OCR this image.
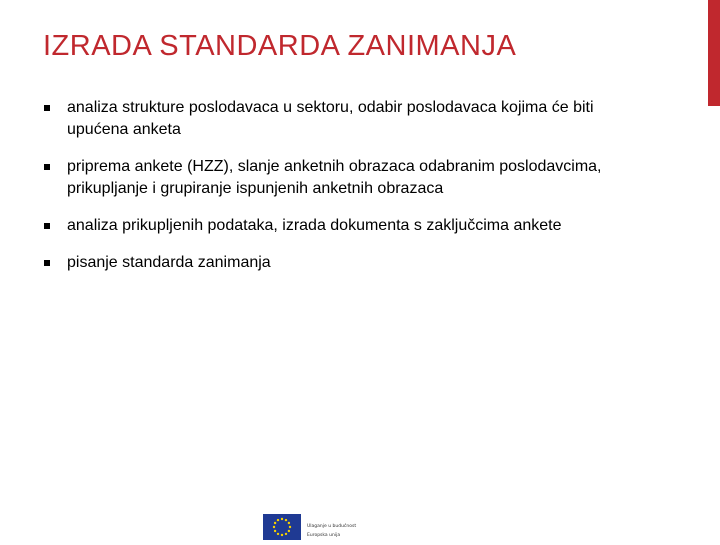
IZRADA STANDARDA ZANIMANJA
analiza strukture poslodavaca u sektoru, odabir poslodavaca kojima će biti upućena anketa
priprema ankete (HZZ), slanje anketnih obrazaca odabranim poslodavcima, prikupljanje i grupiranje ispunjenih anketnih obrazaca
analiza prikupljenih podataka, izrada dokumenta s zaključcima ankete
pisanje standarda zanimanja
Ulaganje u budućnost
Europska unija
